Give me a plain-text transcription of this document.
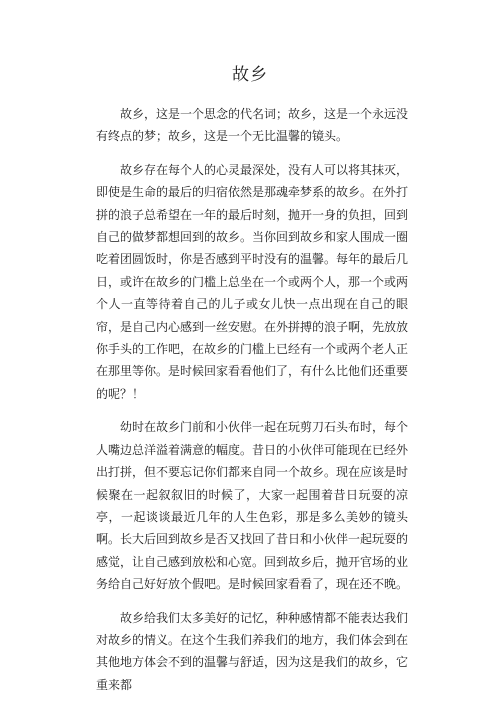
故乡

故乡，这是一个思念的代名词；故乡，这是一个永远没有终点的梦；故乡，这是一个无比温馨的镜头。

故乡存在每个人的心灵最深处，没有人可以将其抹灭，即使是生命的最后的归宿依然是那魂牵梦系的故乡。在外打拼的浪子总希望在一年的最后时刻，抛开一身的负担，回到自己的做梦都想回到的故乡。当你回到故乡和家人围成一圈吃着团圆饭时，你是否感到平时没有的温馨。每年的最后几日，或许在故乡的门槛上总坐在一个或两个人，那一个或两个人一直等待着自己的儿子或女儿快一点出现在自己的眼帘，是自己内心感到一丝安慰。在外拼搏的浪子啊，先放放你手头的工作吧，在故乡的门槛上已经有一个或两个老人正在那里等你。是时候回家看看他们了，有什么比他们还重要的呢？！

幼时在故乡门前和小伙伴一起在玩剪刀石头布时，每个人嘴边总洋溢着满意的幅度。昔日的小伙伴可能现在已经外出打拼，但不要忘记你们都来自同一个故乡。现在应该是时候聚在一起叙叙旧的时候了，大家一起围着昔日玩耍的凉亭，一起谈谈最近几年的人生色彩，那是多么美妙的镜头啊。长大后回到故乡是否又找回了昔日和小伙伴一起玩耍的感觉，让自己感到放松和心宽。回到故乡后，抛开官场的业务给自己好好放个假吧。是时候回家看看了，现在还不晚。

故乡给我们太多美好的记忆，种种感情都不能表达我们对故乡的情义。在这个生我们养我们的地方，我们体会到在其他地方体会不到的温馨与舒适，因为这是我们的故乡，它重来都
